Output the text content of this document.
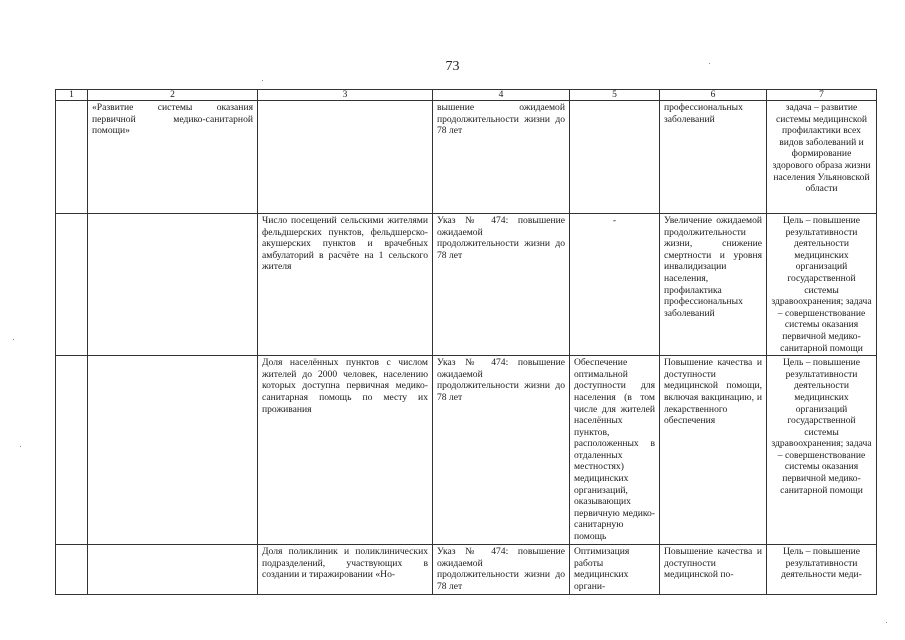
73
1	2	3	4	5	6	7
	«Развитие системы оказания первичной медико-санитарной помощи»		вышение ожидаемой продолжительности жизни до 78 лет		профессиональных заболеваний	задача – развитие системы медицинской профилактики всех видов заболеваний и формирование здорового образа жизни населения Ульяновской области
		Число посещений сельскими жителями фельдшерских пунктов, фельдшерско-акушерских пунктов и врачебных амбулаторий в расчёте на 1 сельского жителя	Указ № 474: повышение ожидаемой продолжительности жизни до 78 лет	-	Увеличение ожидаемой продолжительности жизни, снижение смертности и уровня инвалидизации населения, профилактика профессиональных заболеваний	Цель – повышение результативности деятельности медицинских организаций государственной системы здравоохранения; задача – совершенствование системы оказания первичной медико-санитарной помощи
		Доля населённых пунктов с числом жителей до 2000 человек, населению которых доступна первичная медико-санитарная помощь по месту их проживания	Указ № 474: повышение ожидаемой продолжительности жизни до 78 лет	Обеспечение оптимальной доступности для населения (в том числе для жителей населённых пунктов, расположенных в отдаленных местностях) медицинских организаций, оказывающих первичную медико-санитарную помощь	Повышение качества и доступности медицинской помощи, включая вакцинацию, и лекарственного обеспечения	Цель – повышение результативности деятельности медицинских организаций государственной системы здравоохранения; задача – совершенствование системы оказания первичной медико-санитарной помощи
		Доля поликлиник и поликлинических подразделений, участвующих в создании и тиражировании «Но-	Указ № 474: повышение ожидаемой продолжительности жизни до 78 лет	Оптимизация работы медицинских органи-	Повышение качества и доступности медицинской по-	Цель – повышение результативности деятельности меди-
